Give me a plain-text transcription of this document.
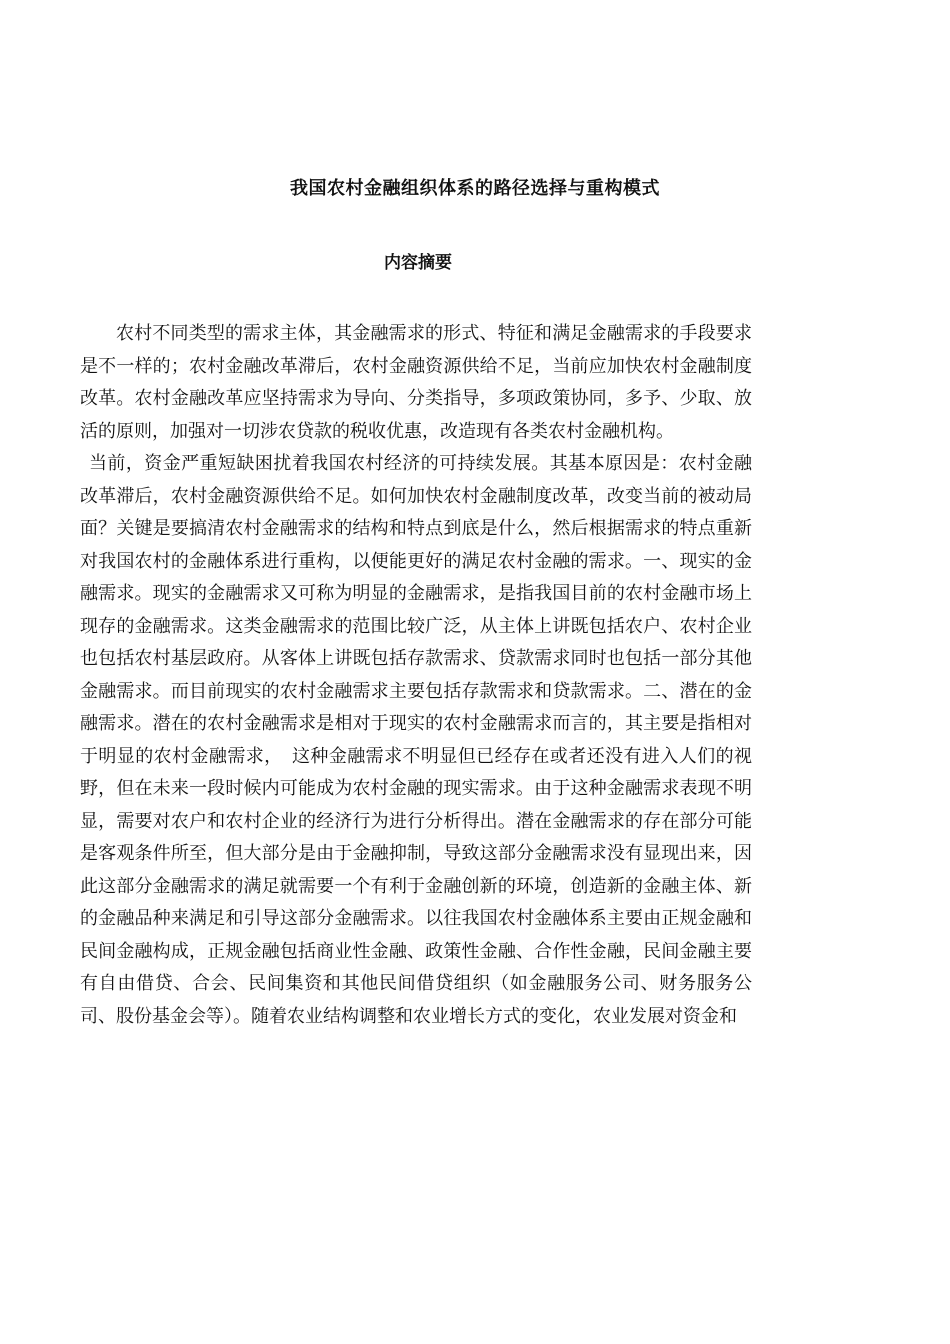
我国农村金融组织体系的路径选择与重构模式
内容摘要

农村不同类型的需求主体，其金融需求的形式、特征和满足金融需求的手段要求是不一样的；农村金融改革滞后，农村金融资源供给不足，当前应加快农村金融制度改革。农村金融改革应坚持需求为导向、分类指导，多项政策协同，多予、少取、放活的原则，加强对一切涉农贷款的税收优惠，改造现有各类农村金融机构。

当前，资金严重短缺困扰着我国农村经济的可持续发展。其基本原因是：农村金融改革滞后，农村金融资源供给不足。如何加快农村金融制度改革，改变当前的被动局面？关键是要搞清农村金融需求的结构和特点到底是什么，然后根据需求的特点重新对我国农村的金融体系进行重构，以便能更好的满足农村金融的需求。一、现实的金融需求。现实的金融需求又可称为明显的金融需求，是指我国目前的农村金融市场上现存的金融需求。这类金融需求的范围比较广泛，从主体上讲既包括农户、农村企业也包括农村基层政府。从客体上讲既包括存款需求、贷款需求同时也包括一部分其他金融需求。而目前现实的农村金融需求主要包括存款需求和贷款需求。二、潜在的金融需求。潜在的农村金融需求是相对于现实的农村金融需求而言的，其主要是指相对于明显的农村金融需求，　这种金融需求不明显但已经存在或者还没有进入人们的视野，但在未来一段时候内可能成为农村金融的现实需求。由于这种金融需求表现不明显，需要对农户和农村企业的经济行为进行分析得出。潜在金融需求的存在部分可能是客观条件所至，但大部分是由于金融抑制，导致这部分金融需求没有显现出来，因此这部分金融需求的满足就需要一个有利于金融创新的环境，创造新的金融主体、新的金融品种来满足和引导这部分金融需求。以往我国农村金融体系主要由正规金融和民间金融构成，正规金融包括商业性金融、政策性金融、合作性金融，民间金融主要有自由借贷、合会、民间集资和其他民间借贷组织（如金融服务公司、财务服务公司、股份基金会等）。随着农业结构调整和农业增长方式的变化，农业发展对资金和
